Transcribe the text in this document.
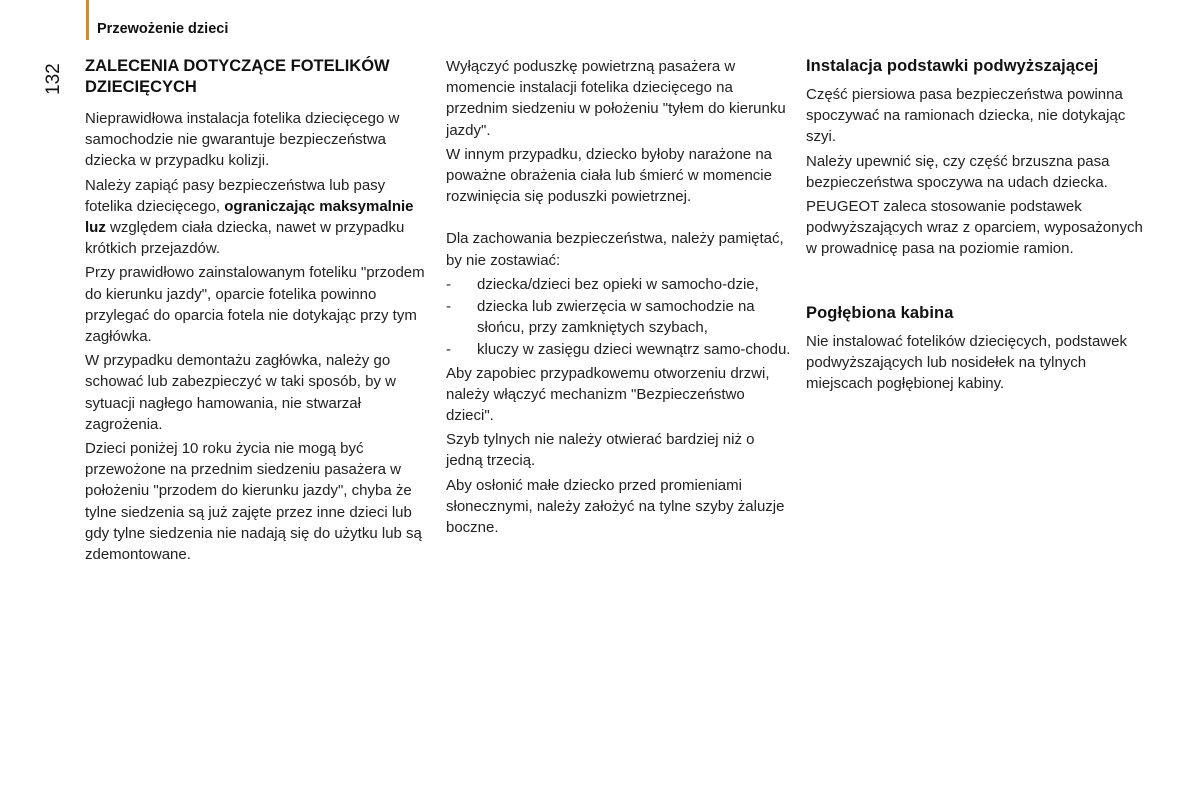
Przewożenie dzieci
132 ZALECENIA DOTYCZĄCE FOTELIKÓW DZIECIĘCYCH

Nieprawidłowa instalacja fotelika dziecięcego w samochodzie nie gwarantuje bezpieczeństwa dziecka w przypadku kolizji.

Należy zapiąć pasy bezpieczeństwa lub pasy fotelika dziecięcego, ograniczając maksymalnie luz względem ciała dziecka, nawet w przypadku krótkich przejazdów.

Przy prawidłowo zainstalowanym foteliku "przodem do kierunku jazdy", oparcie fotelika powinno przylegać do oparcia fotela nie dotykając przy tym zagłówka.

W przypadku demontażu zagłówka, należy go schować lub zabezpieczyć w taki sposób, by w sytuacji nagłego hamowania, nie stwarzał zagrożenia.

Dzieci poniżej 10 roku życia nie mogą być przewożone na przednim siedzeniu pasażera w położeniu "przodem do kierunku jazdy", chyba że tylne siedzenia są już zajęte przez inne dzieci lub gdy tylne siedzenia nie nadają się do użytku lub są zdemontowane.

Wyłączyć poduszkę powietrzną pasażera w momencie instalacji fotelika dziecięcego na przednim siedzeniu w położeniu "tyłem do kierunku jazdy".

W innym przypadku, dziecko byłoby narażone na poważne obrażenia ciała lub śmierć w momencie rozwinięcia się poduszki powietrznej.

Dla zachowania bezpieczeństwa, należy pamiętać, by nie zostawiać:

- dziecka/dzieci bez opieki w samocho-dzie,
- dziecka lub zwierzęcia w samochodzie na słońcu, przy zamkniętych szybach,
- kluczy w zasięgu dzieci wewnątrz samo-chodu.

Aby zapobiec przypadkowemu otworzeniu drzwi, należy włączyć mechanizm "Bezpieczeństwo dzieci".

Szyb tylnych nie należy otwierać bardziej niż o jedną trzecią.

Aby osłonić małe dziecko przed promieniami słonecznymi, należy założyć na tylne szyby żaluzje boczne.

Instalacja podstawki podwyższającej

Część piersiowa pasa bezpieczeństwa powinna spoczywać na ramionach dziecka, nie dotykając szyi.

Należy upewnić się, czy część brzuszna pasa bezpieczeństwa spoczywa na udach dziecka.

PEUGEOT zaleca stosowanie podstawek podwyższających wraz z oparciem, wyposażonych w prowadnicę pasa na poziomie ramion.

Pogłębiona kabina

Nie instalować fotelików dziecięcych, podstawek podwyższających lub nosidełek na tylnych miejscach pogłębionej kabiny.
